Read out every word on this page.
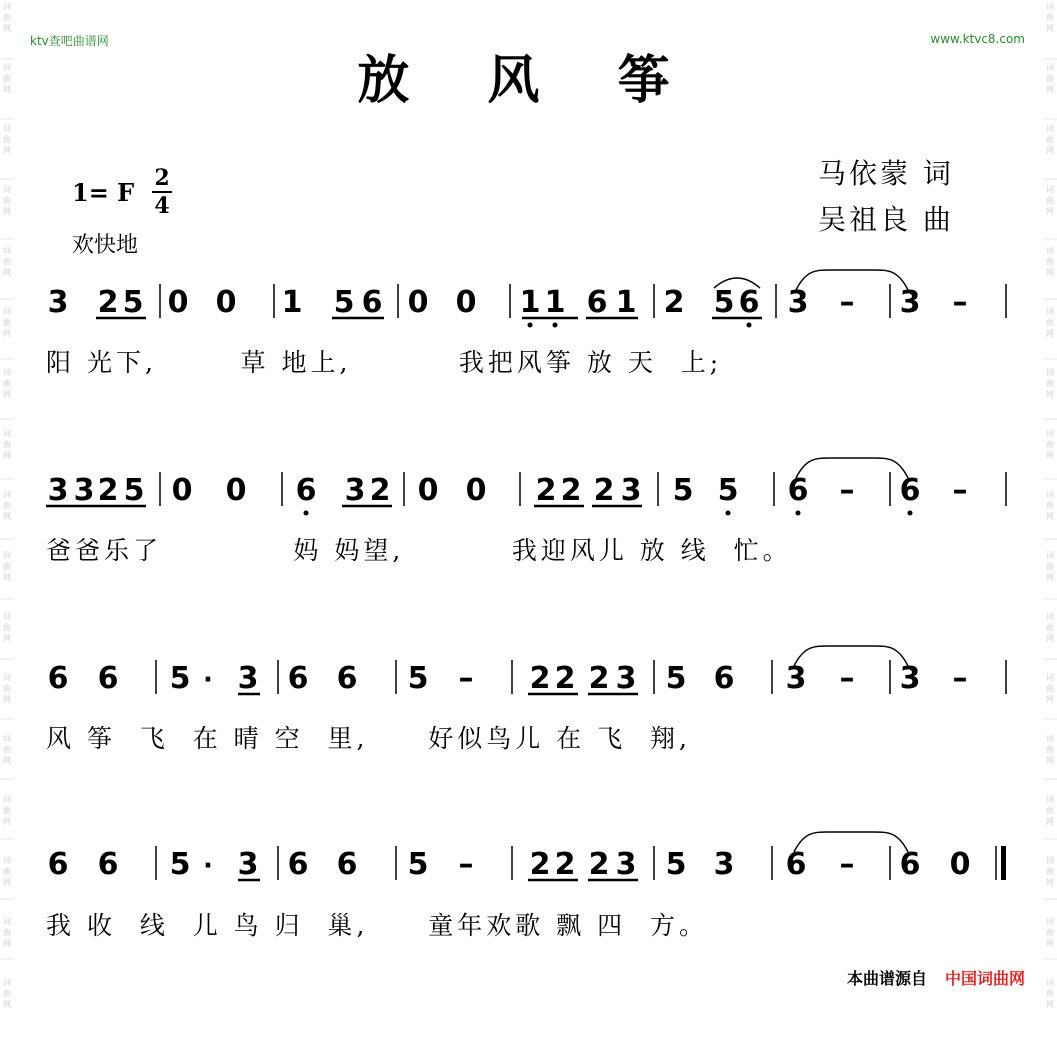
词
曲
网
词
曲
网
词
曲
网
词
曲
网
词
曲
网
词
曲
网
词
曲
网
词
曲
网
词
曲
网
词
曲
网
词
曲
网
词
曲
网
词
曲
网
词
曲
网
词
曲
网
词
曲
网
词
曲
网
词
曲
网
词
曲
网
词
曲
网
词
曲
网
词
曲
网
词
曲
网
词
曲
网
词
曲
网
词
曲
网
词
曲
网
词
曲
网
词
曲
网
词
曲
网
词
曲
网
词
曲
网
词
曲
网
词
曲
网
ktv查吧曲谱网	www.ktvc8.com
放 风 筝
1= F 2
4
欢快地
马依蒙 词
吴祖良 曲
3 2 5 0 0 1 5 6 0 0 1 1 6 1 2 5 6 3 – 3 –
阳 光下,       草 地上,         我把风筝 放 天  上;
3 3 2 5 0 0 6 3 2 0 0 2 2 2 3 5 5 6 – 6 –
爸爸乐了           妈 妈望,         我迎风儿 放 线  忙。
6 6 5 · 3 6 6 5 – 2 2 2 3 5 6 3 – 3 –
风 筝  飞  在 晴 空  里,     好似鸟儿 在 飞  翔,
6 6 5 · 3 6 6 5 – 2 2 2 3 5 3 6 – 6 0
我 收  线  儿 鸟 归  巢,     童年欢歌 飘 四  方。
本曲谱源自 中国词曲网
